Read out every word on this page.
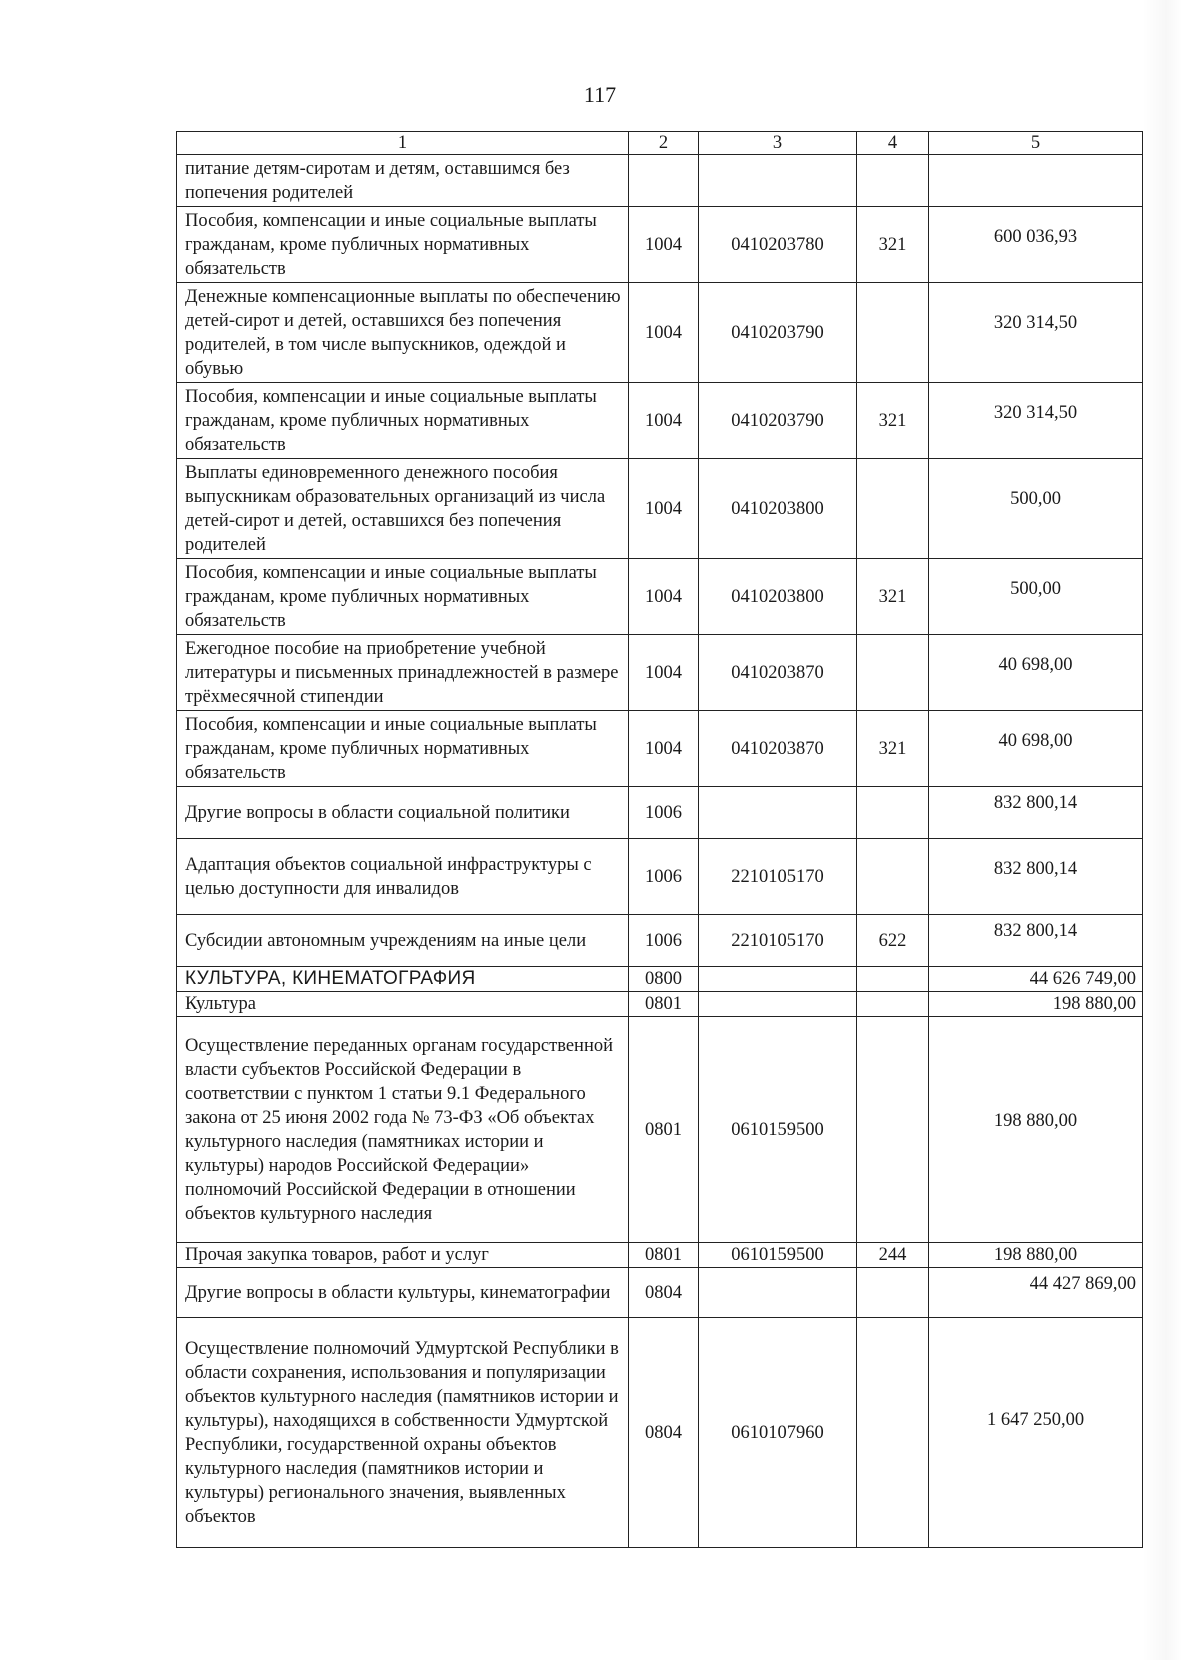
117
1	2	3	4	5
питание детям-сиротам и детям, оставшимся без попечения родителей				
Пособия, компенсации и иные социальные выплаты гражданам, кроме публичных нормативных обязательств	1004	0410203780	321	600 036,93
Денежные компенсационные выплаты по обеспечению детей-сирот и детей, оставшихся без попечения родителей, в том числе выпускников, одеждой и обувью	1004	0410203790		320 314,50
Пособия, компенсации и иные социальные выплаты гражданам, кроме публичных нормативных обязательств	1004	0410203790	321	320 314,50
Выплаты единовременного денежного пособия выпускникам образовательных организаций из числа детей-сирот и детей, оставшихся без попечения родителей	1004	0410203800		500,00
Пособия, компенсации и иные социальные выплаты гражданам, кроме публичных нормативных обязательств	1004	0410203800	321	500,00
Ежегодное пособие на приобретение учебной литературы и письменных принадлежностей в размере трёхмесячной стипендии	1004	0410203870		40 698,00
Пособия, компенсации и иные социальные выплаты гражданам, кроме публичных нормативных обязательств	1004	0410203870	321	40 698,00
Другие вопросы в области социальной политики	1006			832 800,14
Адаптация объектов социальной инфраструктуры с целью доступности для инвалидов	1006	2210105170		832 800,14
Субсидии автономным учреждениям на иные цели	1006	2210105170	622	832 800,14
КУЛЬТУРА, КИНЕМАТОГРАФИЯ	0800			44 626 749,00
Культура	0801			198 880,00
Осуществление переданных органам государственной власти субъектов Российской Федерации в соответствии с пунктом 1 статьи 9.1 Федерального закона от 25 июня 2002 года № 73-ФЗ «Об объектах культурного наследия (памятниках истории и культуры) народов Российской Федерации» полномочий Российской Федерации в отношении объектов культурного наследия	0801	0610159500		198 880,00
Прочая закупка товаров, работ и услуг	0801	0610159500	244	198 880,00
Другие вопросы в области культуры, кинематографии	0804			44 427 869,00
Осуществление полномочий Удмуртской Республики в области сохранения, использования и популяризации объектов культурного наследия (памятников истории и культуры), находящихся в собственности Удмуртской Республики, государственной охраны объектов культурного наследия (памятников истории и культуры) регионального значения, выявленных объектов	0804	0610107960		1 647 250,00
